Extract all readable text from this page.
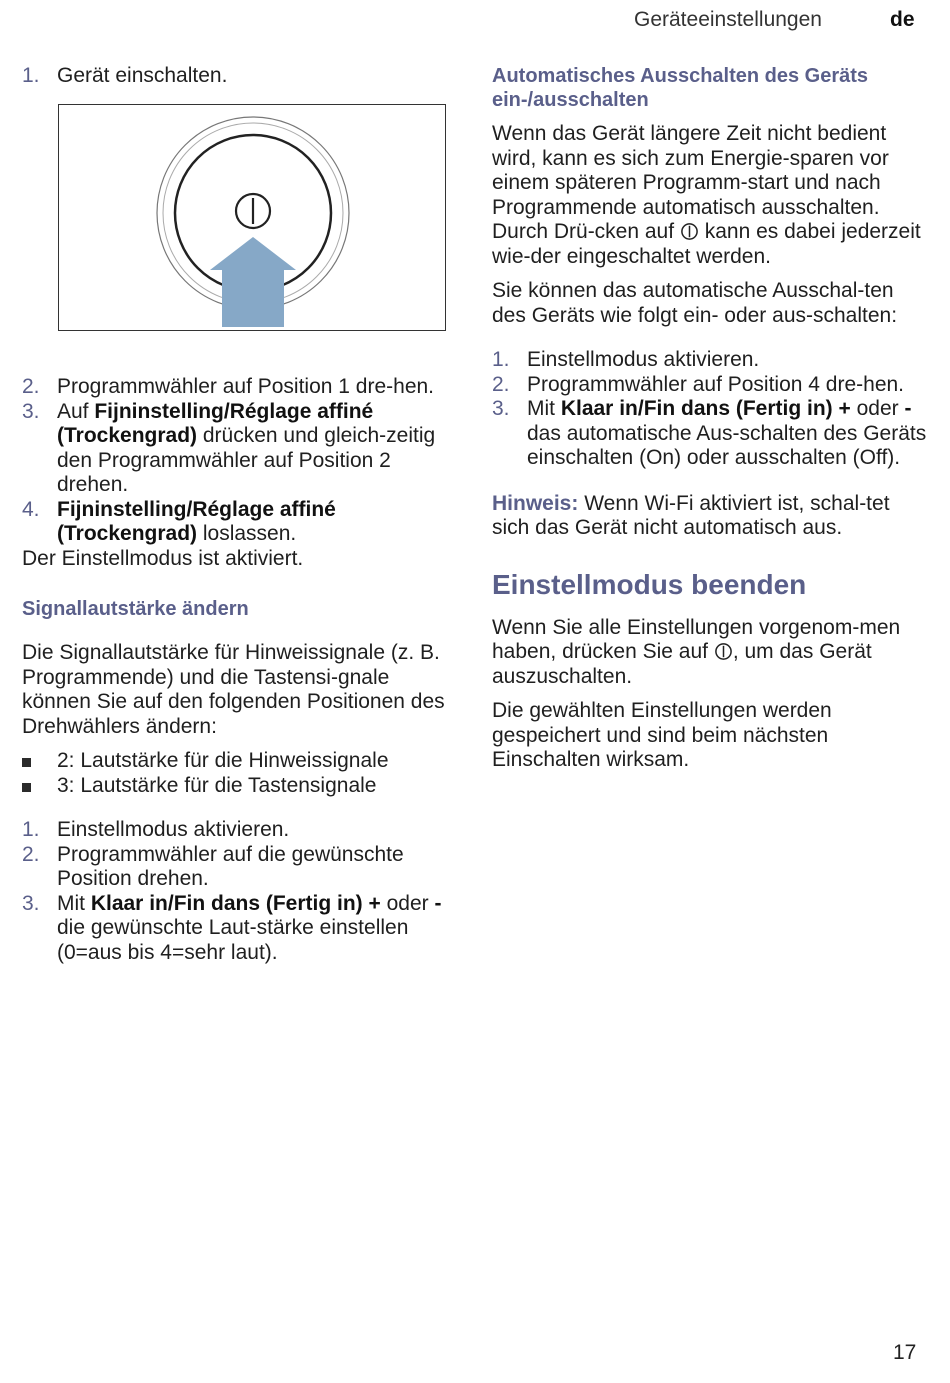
Geräteeinstellungen	de
1. Gerät einschalten.
2. Programmwähler auf Position 1 dre-hen.
3. Auf Fijninstelling/Réglage affiné (Trockengrad) drücken und gleich-zeitig den Programmwähler auf Position 2 drehen.
4. Fijninstelling/Réglage affiné (Trockengrad) loslassen.

Der Einstellmodus ist aktiviert.

Signallautstärke ändern

Die Signallautstärke für Hinweissignale (z. B. Programmende) und die Tastensi-gnale können Sie auf den folgenden Positionen des Drehwählers ändern:

2: Lautstärke für die Hinweissignale
3: Lautstärke für die Tastensignale
1. Einstellmodus aktivieren.
2. Programmwähler auf die gewünschte Position drehen.
3. Mit Klaar in/Fin dans (Fertig in) + oder - die gewünschte Laut-stärke einstellen (0=aus bis 4=sehr laut).

Automatisches Ausschalten des Geräts ein-/ausschalten

Wenn das Gerät längere Zeit nicht bedient wird, kann es sich zum Energie-sparen vor einem späteren Programm-start und nach Programmende automatisch ausschalten. Durch Drü-cken auf  kann es dabei jederzeit wie-der eingeschaltet werden.

Sie können das automatische Ausschal-ten des Geräts wie folgt ein- oder aus-schalten:

1. Einstellmodus aktivieren.
2. Programmwähler auf Position 4 dre-hen.
3. Mit Klaar in/Fin dans (Fertig in) + oder - das automatische Aus-schalten des Geräts einschalten (On) oder ausschalten (Off).

Hinweis: Wenn Wi-Fi aktiviert ist, schal-tet sich das Gerät nicht automatisch aus.

Einstellmodus beenden

Wenn Sie alle Einstellungen vorgenom-men haben, drücken Sie auf , um das Gerät auszuschalten.

Die gewählten Einstellungen werden gespeichert und sind beim nächsten Einschalten wirksam.

17
